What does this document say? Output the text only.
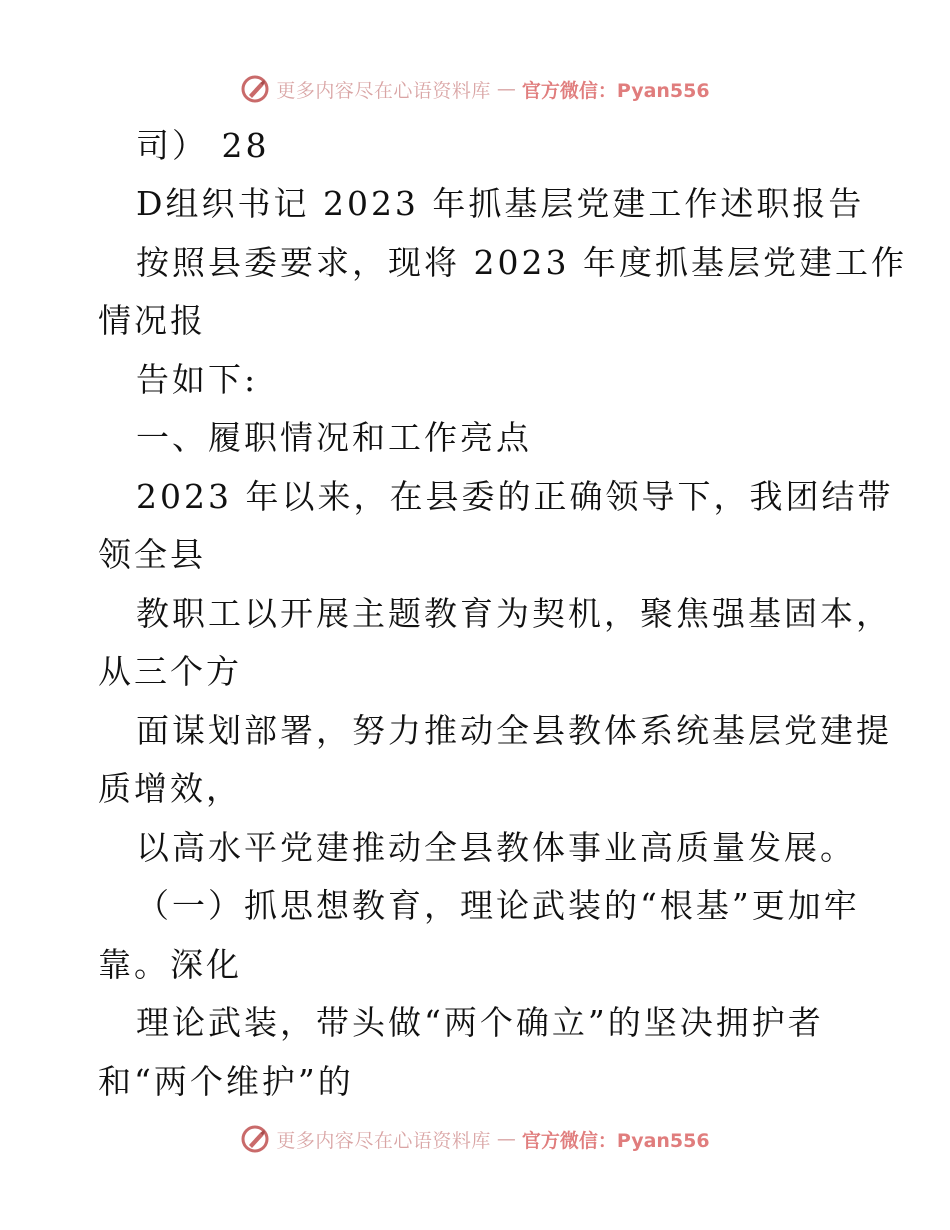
更多内容尽在心语资料库 — 官方微信：Pyan556
司） 28
D组织书记 2023 年抓基层党建工作述职报告
按照县委要求，现将 2023 年度抓基层党建工作
情况报
告如下:
一、履职情况和工作亮点
2023 年以来，在县委的正确领导下，我团结带
领全县
教职工以开展主题教育为契机，聚焦强基固本，
从三个方
面谋划部署，努力推动全县教体系统基层党建提
质增效，
以高水平党建推动全县教体事业高质量发展。
（一）抓思想教育，理论武装的“根基”更加牢
靠。深化
理论武装，带头做“两个确立”的坚决拥护者
和“两个维护”的
更多内容尽在心语资料库 — 官方微信：Pyan556
